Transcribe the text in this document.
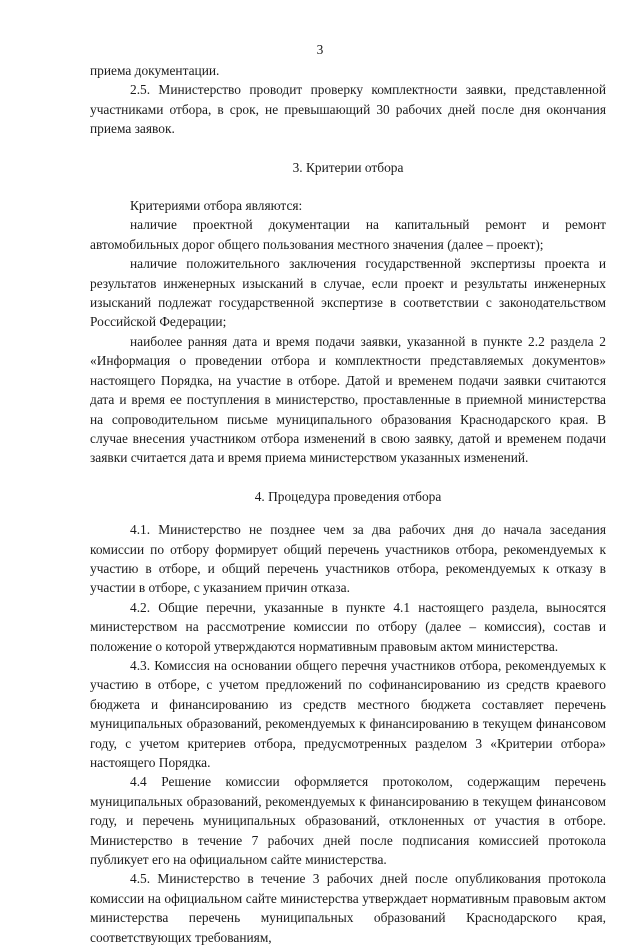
3

приема документации.

2.5. Министерство проводит проверку комплектности заявки, представленной участниками отбора, в срок, не превышающий 30 рабочих дней после дня окончания приема заявок.

3. Критерии отбора

Критериями отбора являются:

наличие проектной документации на капитальный ремонт и ремонт автомобильных дорог общего пользования местного значения (далее – проект);

наличие положительного заключения государственной экспертизы проекта и результатов инженерных изысканий в случае, если проект и результаты инженерных изысканий подлежат государственной экспертизе в соответствии с законодательством Российской Федерации;

наиболее ранняя дата и время подачи заявки, указанной в пункте 2.2 раздела 2 «Информация о проведении отбора и комплектности представляемых документов» настоящего Порядка, на участие в отборе. Датой и временем подачи заявки считаются дата и время ее поступления в министерство, проставленные в приемной министерства на сопроводительном письме муниципального образования Краснодарского края. В случае внесения участником отбора изменений в свою заявку, датой и временем подачи заявки считается дата и время приема министерством указанных изменений.

4. Процедура проведения отбора

4.1. Министерство не позднее чем за два рабочих дня до начала заседания комиссии по отбору формирует общий перечень участников отбора, рекомендуемых к участию в отборе, и общий перечень участников отбора, рекомендуемых к отказу в участии в отборе, с указанием причин отказа.

4.2. Общие перечни, указанные в пункте 4.1 настоящего раздела, выносятся министерством на рассмотрение комиссии по отбору (далее – комиссия), состав и положение о которой утверждаются нормативным правовым актом министерства.

4.3. Комиссия на основании общего перечня участников отбора, рекомендуемых к участию в отборе, с учетом предложений по софинансированию из средств краевого бюджета и финансированию из средств местного бюджета составляет перечень муниципальных образований, рекомендуемых к финансированию в текущем финансовом году, с учетом критериев отбора, предусмотренных разделом 3 «Критерии отбора» настоящего Порядка.

4.4 Решение комиссии оформляется протоколом, содержащим перечень муниципальных образований, рекомендуемых к финансированию в текущем финансовом году, и перечень муниципальных образований, отклоненных от участия в отборе. Министерство в течение 7 рабочих дней после подписания комиссией протокола публикует его на официальном сайте министерства.

4.5. Министерство в течение 3 рабочих дней после опубликования протокола комиссии на официальном сайте министерства утверждает нормативным правовым актом министерства перечень муниципальных образований Краснодарского края, соответствующих требованиям,
